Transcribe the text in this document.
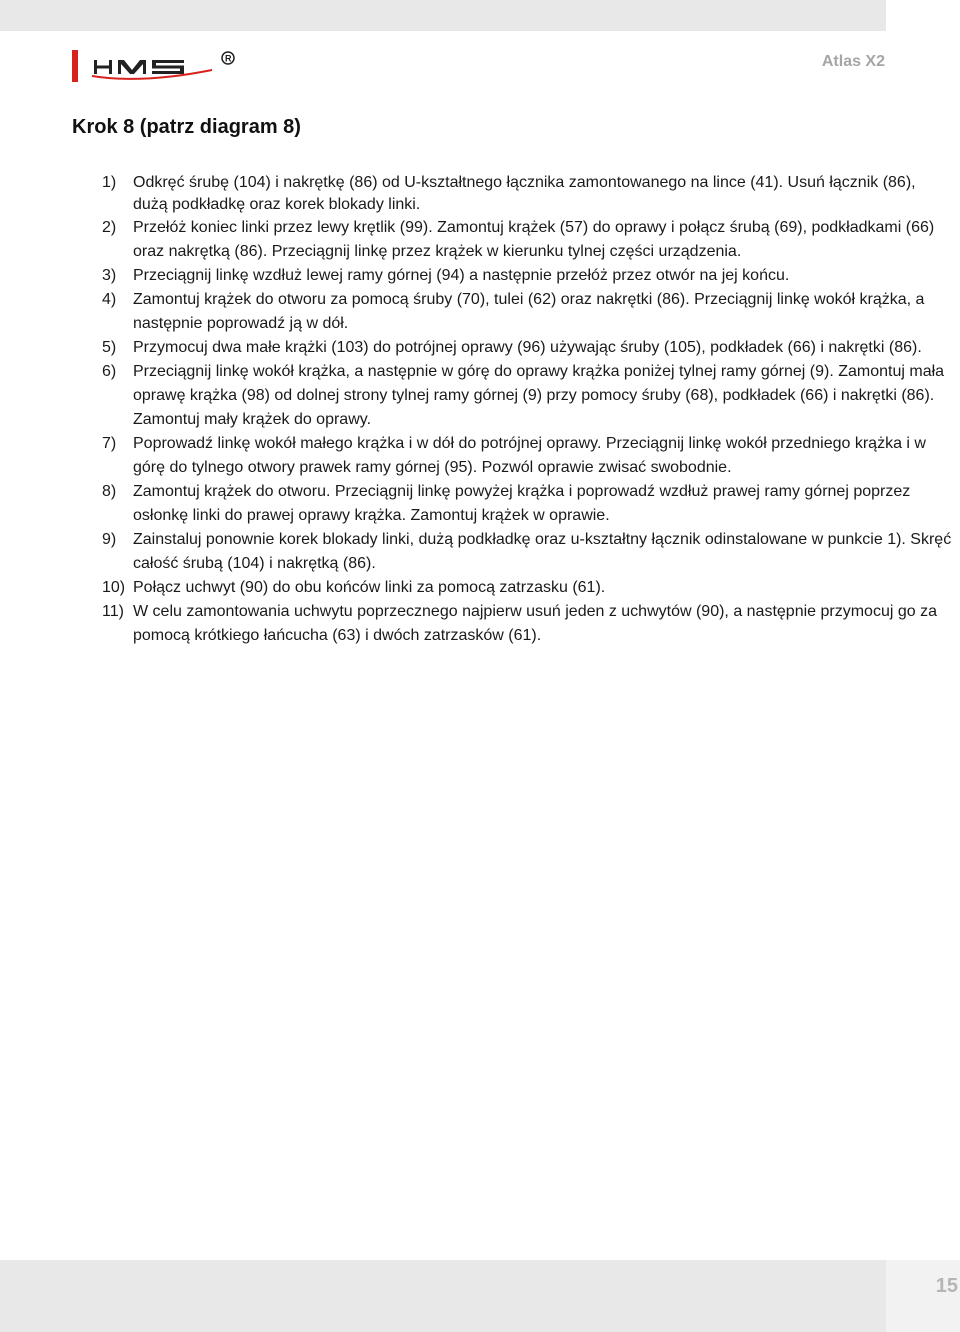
R	Atlas X2
Krok 8 (patrz diagram 8)
1) Odkręć śrubę (104) i nakrętkę (86) od U-kształtnego łącznika zamontowanego na lince (41). Usuń łącznik (86), dużą podkładkę oraz korek blokady linki.
2) Przełóż koniec linki przez lewy krętlik (99). Zamontuj krążek (57) do oprawy i połącz śrubą (69), podkładkami (66) oraz nakrętką (86). Przeciągnij linkę przez krążek w kierunku tylnej części urządzenia.
3) Przeciągnij linkę wzdłuż lewej ramy górnej (94) a następnie przełóż przez otwór na jej końcu.
4) Zamontuj krążek do otworu za pomocą śruby (70), tulei (62) oraz nakrętki (86). Przeciągnij linkę wokół krążka, a następnie poprowadź ją w dół.
5) Przymocuj dwa małe krążki (103) do potrójnej oprawy (96) używając śruby (105), podkładek (66) i nakrętki (86).
6) Przeciągnij linkę wokół krążka, a następnie w górę do oprawy krążka poniżej tylnej ramy górnej (9). Zamontuj mała oprawę krążka (98) od dolnej strony tylnej ramy górnej (9) przy pomocy śruby (68), podkładek (66) i nakrętki (86). Zamontuj mały krążek do oprawy.
7) Poprowadź linkę wokół małego krążka i w dół do potrójnej oprawy. Przeciągnij linkę wokół przedniego krążka i w górę do tylnego otwory prawek ramy górnej (95). Pozwól oprawie zwisać swobodnie.
8) Zamontuj krążek do otworu. Przeciągnij linkę powyżej krążka i poprowadź wzdłuż prawej ramy górnej poprzez osłonkę linki do prawej oprawy krążka. Zamontuj krążek w oprawie.
9) Zainstaluj ponownie korek blokady linki, dużą podkładkę oraz u-kształtny łącznik odinstalowane w punkcie 1). Skręć całość śrubą (104) i nakrętką (86).
10) Połącz uchwyt (90) do obu końców linki za pomocą zatrzasku (61).
11) W celu zamontowania uchwytu poprzecznego najpierw usuń jeden z uchwytów (90), a następnie przymocuj go za pomocą krótkiego łańcucha (63) i dwóch zatrzasków (61).
15
